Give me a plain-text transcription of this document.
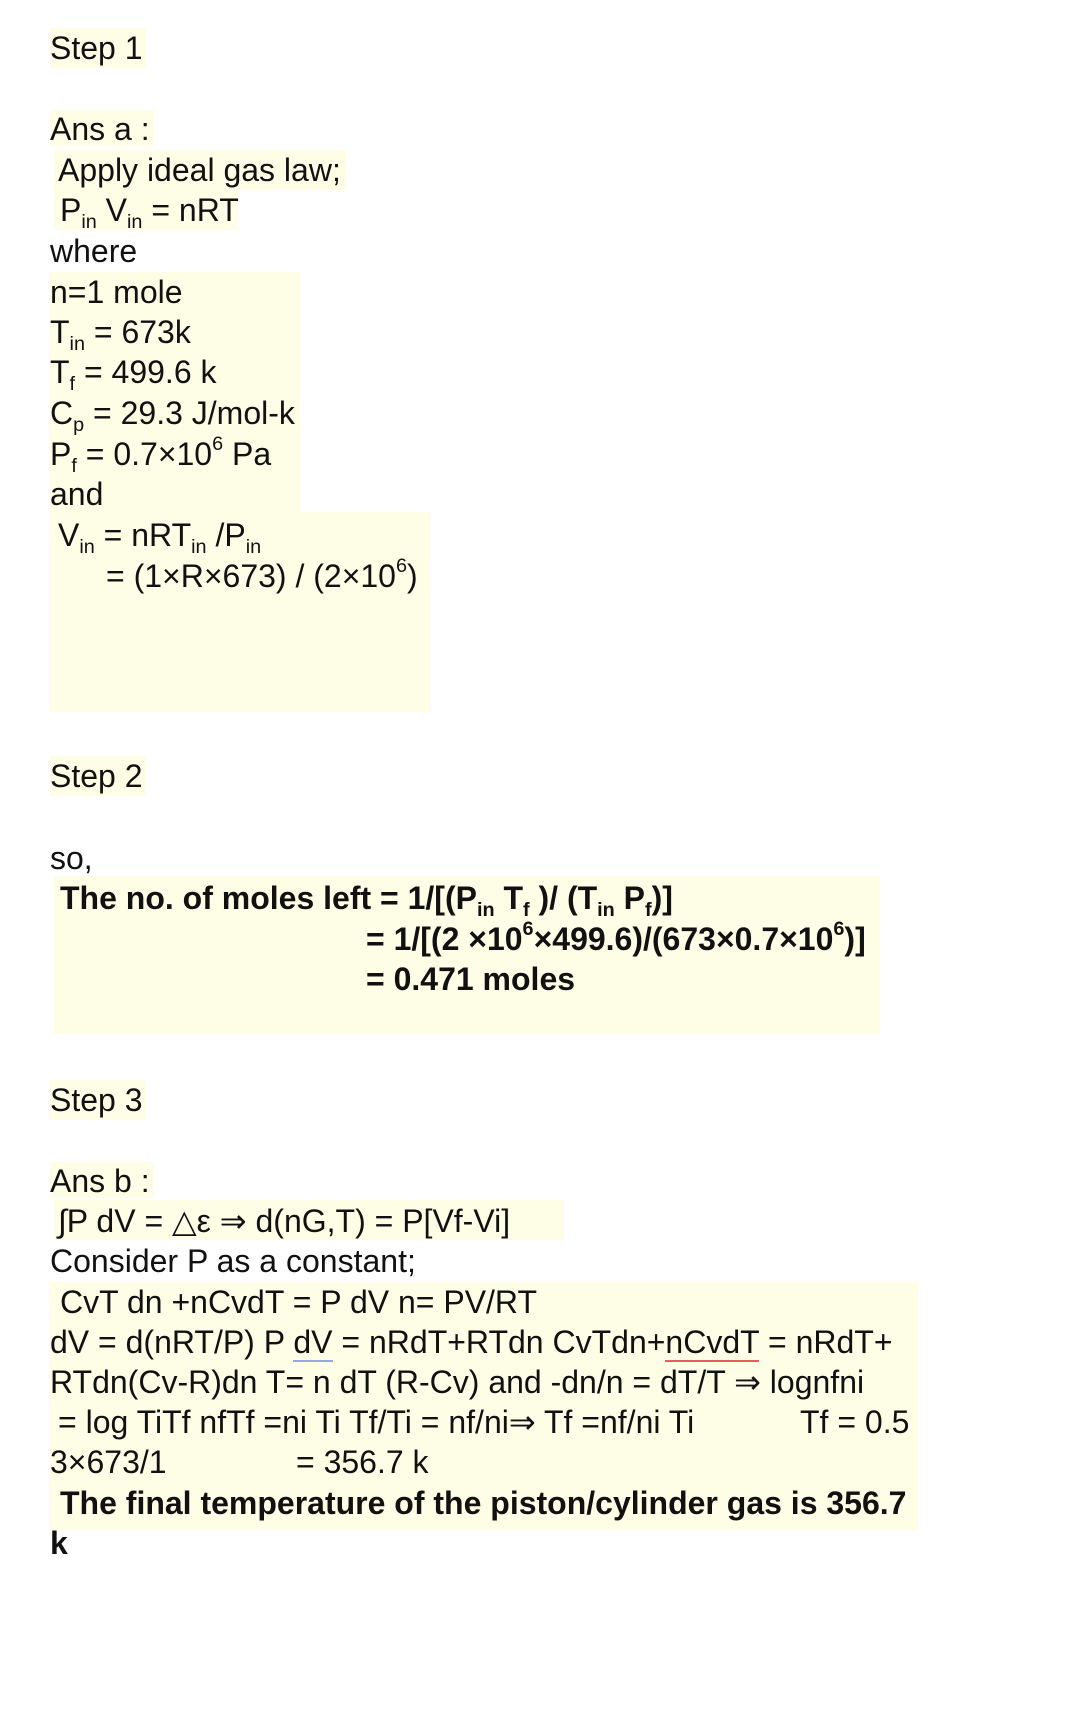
Step 1
Ans a :
Apply ideal gas law;
$P_{in}$ $V_{in}$ = nRT
where
n=1 mole
$T_{in} = 673k$
$T_f = 499.6$ k
$C_p = 29.3$ J/mol-k
$P_f = 0.7\times 10^6$ Pa
and
$V_{in} = nRT_{in}$ $/P_{in}$
= $(1\times R\times 673) / (2\times 10^6)$
Step 2
so,
The no. of moles left = $1/[(P_{in}$ $T_f$ )/ ($T_{in}$ $P_f$)]
= $1/[(2 \times 10^6\times 499.6)/(673\times 0.7\times 10^6)]$
= 0.471 moles
Step 3
Ans b :
∫P dV = △ε ⇒ d(nG,T) = P[Vf-Vi]
Consider P as a constant;
CvT dn +nCvdT = P dV n= PV/RT
dV = d(nRT/P) P dV = nRdT+RTdn CvTdn+nCvdT = nRdT+
RTdn(Cv-R)dn T= n dT (R-Cv) and -dn/n = dT/T ⇒ lognfni
= log TiTf nfTf =ni Ti Tf/Ti = nf/ni⇒ Tf =nf/ni Ti	Tf = 0.5
3×673/1	= 356.7 k
The final temperature of the piston/cylinder gas is 356.7
k
